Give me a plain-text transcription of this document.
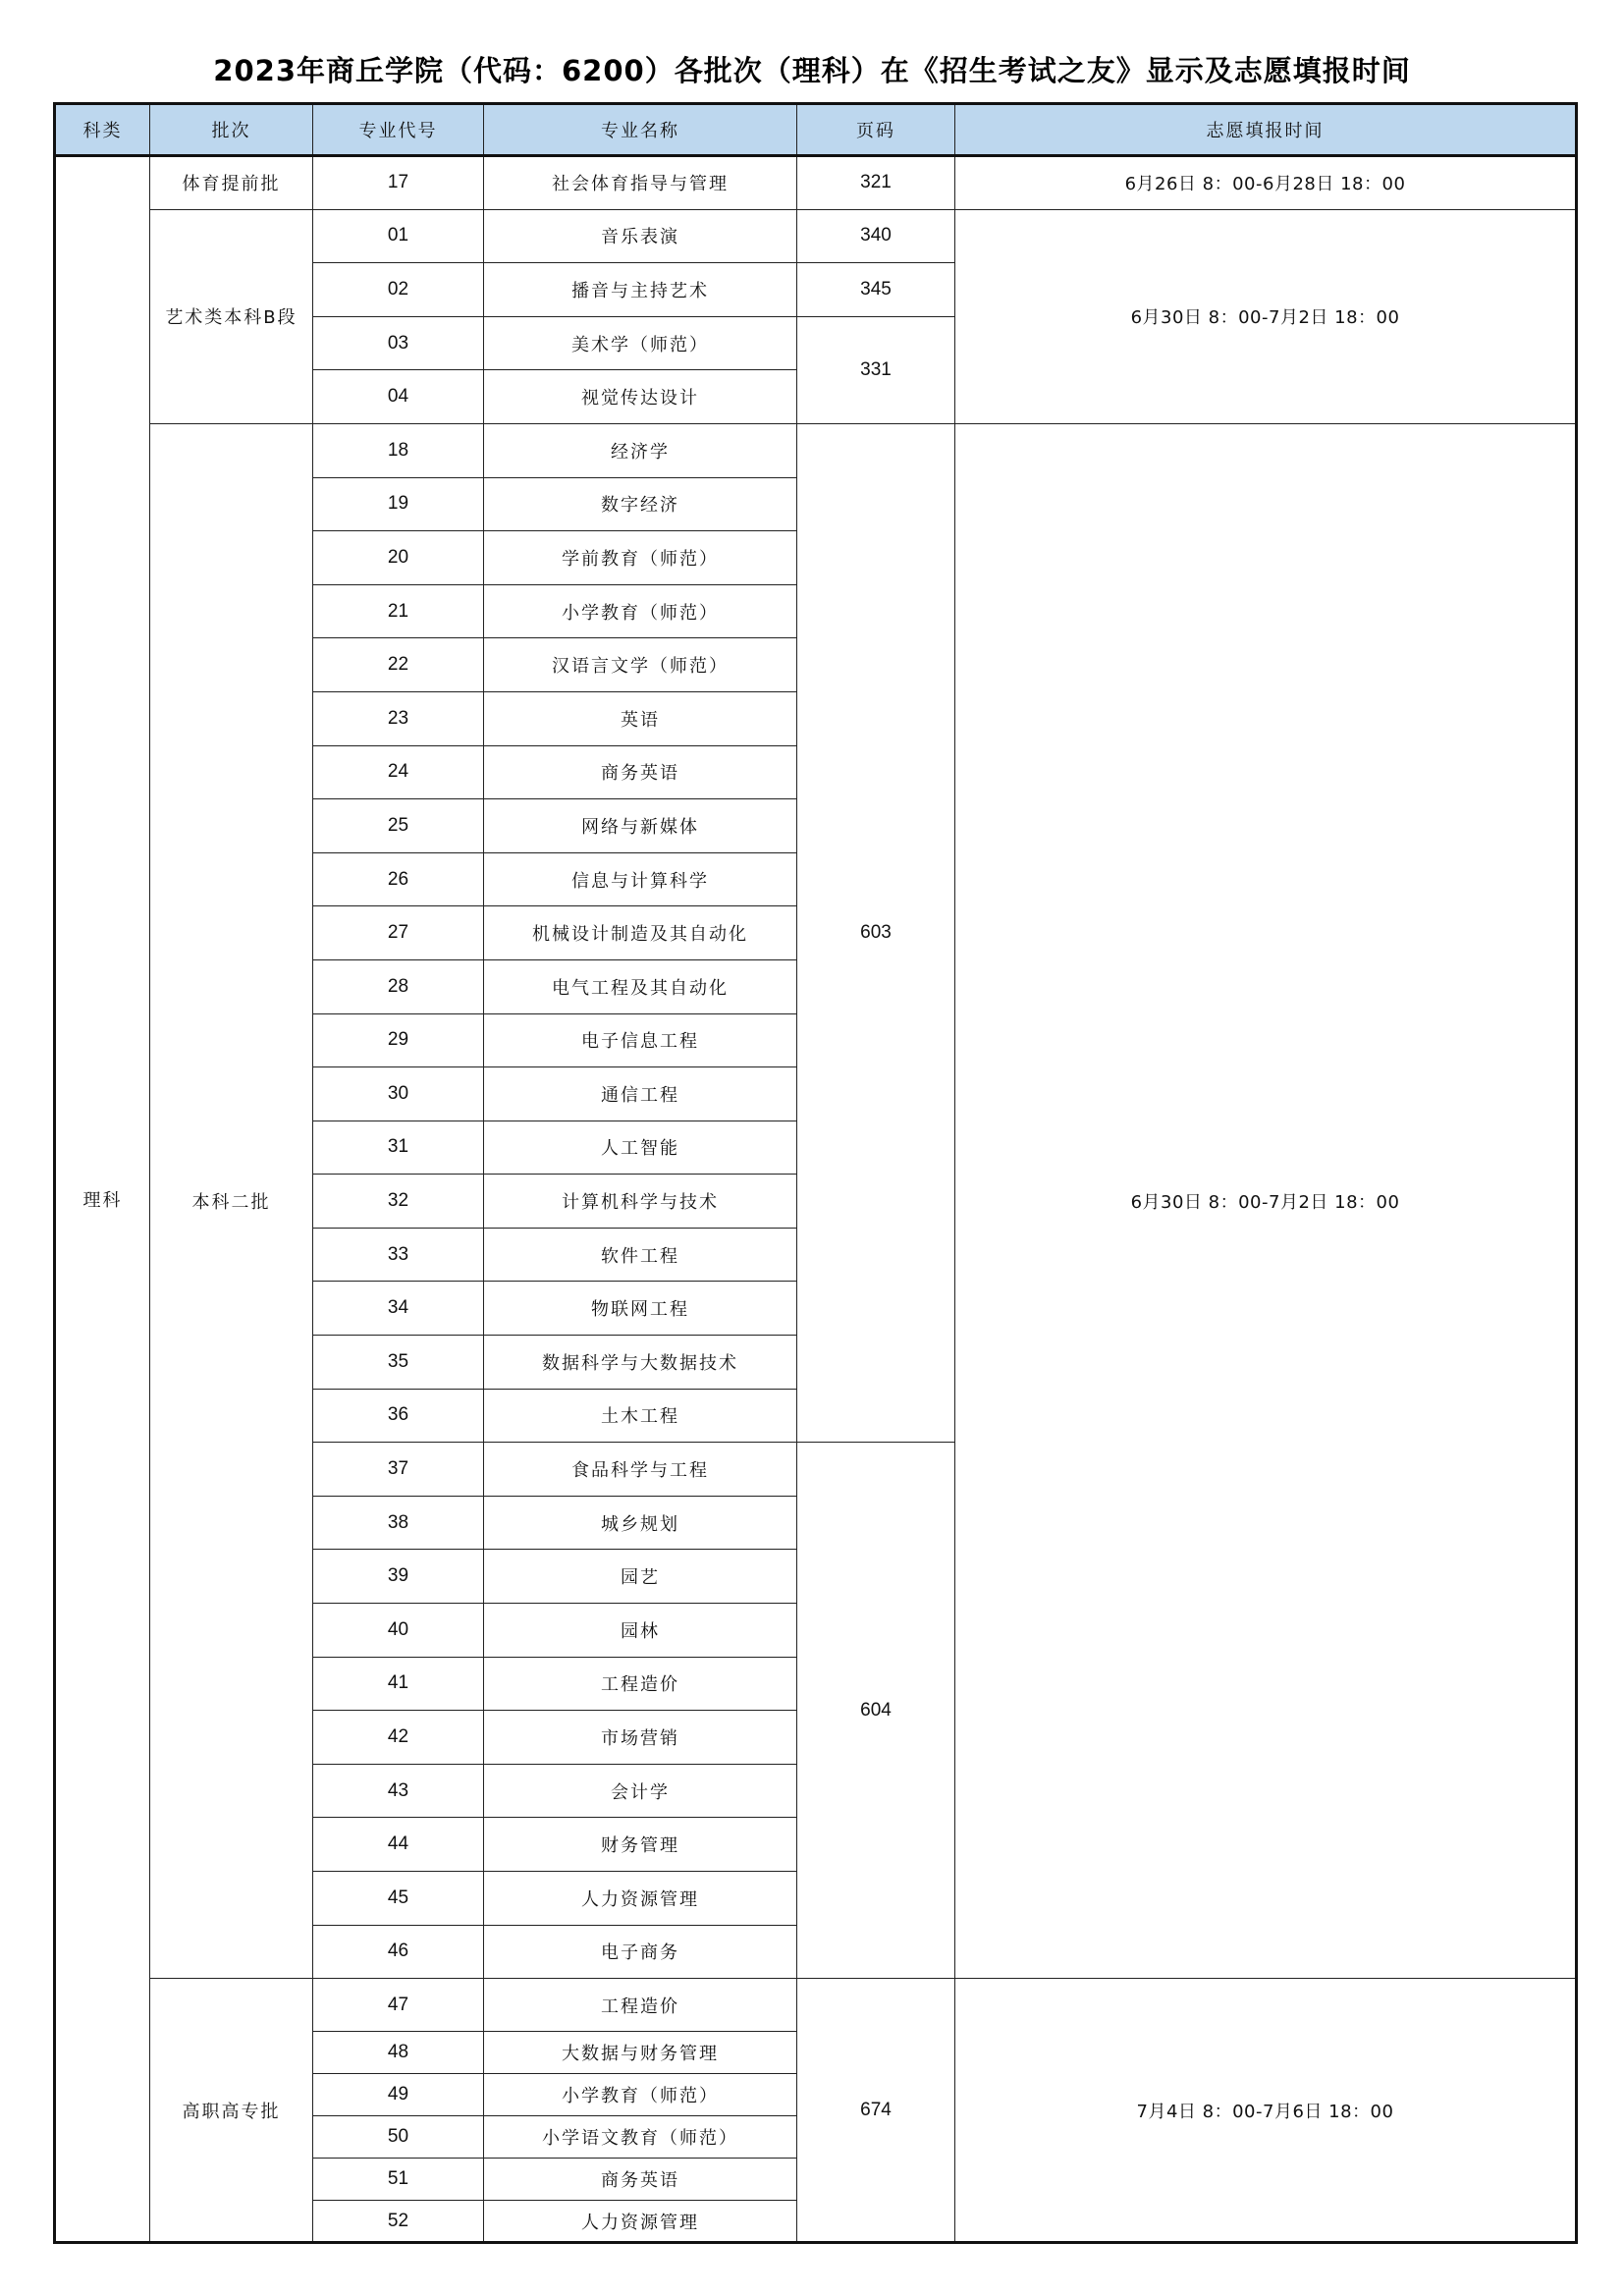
2023年商丘学院（代码：6200）各批次（理科）在《招生考试之友》显示及志愿填报时间
科类	批次	专业代号	专业名称	页码	志愿填报时间
理科	体育提前批	17	社会体育指导与管理	321	6月26日 8：00-6月28日 18：00
	艺术类本科B段	01	音乐表演	340	6月30日 8：00-7月2日 18：00
		02	播音与主持艺术	345	
		03	美术学（师范）	331	
		04	视觉传达设计		
	本科二批	18	经济学	603	6月30日 8：00-7月2日 18：00
		19	数字经济		
		20	学前教育（师范）		
		21	小学教育（师范）		
		22	汉语言文学（师范）		
		23	英语		
		24	商务英语		
		25	网络与新媒体		
		26	信息与计算科学		
		27	机械设计制造及其自动化		
		28	电气工程及其自动化		
		29	电子信息工程		
		30	通信工程		
		31	人工智能		
		32	计算机科学与技术		
		33	软件工程		
		34	物联网工程		
		35	数据科学与大数据技术		
		36	土木工程		
		37	食品科学与工程	604	
		38	城乡规划		
		39	园艺		
		40	园林		
		41	工程造价		
		42	市场营销		
		43	会计学		
		44	财务管理		
		45	人力资源管理		
		46	电子商务		
	高职高专批	47	工程造价	674	7月4日 8：00-7月6日 18：00
		48	大数据与财务管理		
		49	小学教育（师范）		
		50	小学语文教育（师范）		
		51	商务英语		
		52	人力资源管理		
